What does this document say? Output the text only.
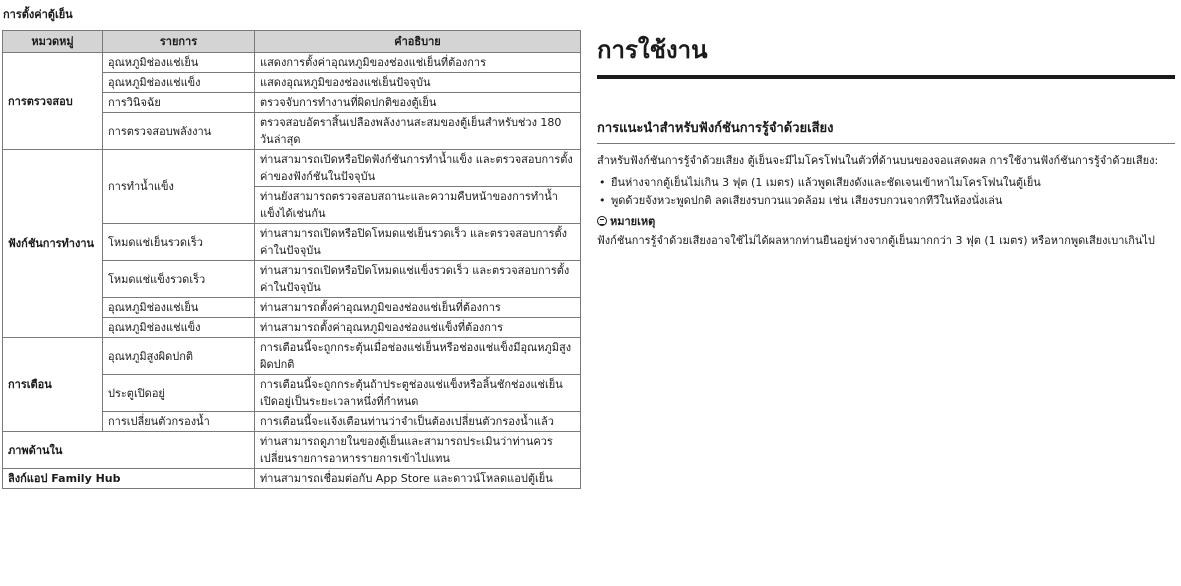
การตั้งค่าตู้เย็น
หมวดหมู่	รายการ	คำอธิบาย
การตรวจสอบ	อุณหภูมิช่องแช่เย็น	แสดงการตั้งค่าอุณหภูมิของช่องแช่เย็นที่ต้องการ
	อุณหภูมิช่องแช่แข็ง	แสดงอุณหภูมิของช่องแช่เย็นปัจจุบัน
	การวินิจฉัย	ตรวจจับการทำงานที่ผิดปกติของตู้เย็น
	การตรวจสอบพลังงาน	ตรวจสอบอัตราสิ้นเปลืองพลังงานสะสมของตู้เย็นสำหรับช่วง 180 วันล่าสุด
ฟังก์ชันการทำงาน	การทำน้ำแข็ง	ท่านสามารถเปิดหรือปิดฟังก์ชันการทำน้ำแข็ง และตรวจสอบการตั้งค่าของฟังก์ชันในปัจจุบัน
		ท่านยังสามารถตรวจสอบสถานะและความคืบหน้าของการทำน้ำแข็งได้เช่นกัน
	โหมดแช่เย็นรวดเร็ว	ท่านสามารถเปิดหรือปิดโหมดแช่เย็นรวดเร็ว และตรวจสอบการตั้งค่าในปัจจุบัน
	โหมดแช่แข็งรวดเร็ว	ท่านสามารถเปิดหรือปิดโหมดแช่แข็งรวดเร็ว และตรวจสอบการตั้งค่าในปัจจุบัน
	อุณหภูมิช่องแช่เย็น	ท่านสามารถตั้งค่าอุณหภูมิของช่องแช่เย็นที่ต้องการ
	อุณหภูมิช่องแช่แข็ง	ท่านสามารถตั้งค่าอุณหภูมิของช่องแช่แข็งที่ต้องการ
การเตือน	อุณหภูมิสูงผิดปกติ	การเตือนนี้จะถูกกระตุ้นเมื่อช่องแช่เย็นหรือช่องแช่แข็งมีอุณหภูมิสูงผิดปกติ
	ประตูเปิดอยู่	การเตือนนี้จะถูกกระตุ้นถ้าประตูช่องแช่แข็งหรือลิ้นชักช่องแช่เย็นเปิดอยู่เป็นระยะเวลาหนึ่งที่กำหนด
	การเปลี่ยนตัวกรองน้ำ	การเตือนนี้จะแจ้งเตือนท่านว่าจำเป็นต้องเปลี่ยนตัวกรองน้ำแล้ว
ภาพด้านใน		ท่านสามารถดูภายในของตู้เย็นและสามารถประเมินว่าท่านควรเปลี่ยนรายการอาหารรายการเข้าไปแทน
ลิงก์แอป Family Hub		ท่านสามารถเชื่อมต่อกับ App Store และดาวน์โหลดแอปตู้เย็น
การใช้งาน
การแนะนำสำหรับฟังก์ชันการรู้จำด้วยเสียง
สำหรับฟังก์ชันการรู้จำด้วยเสียง ตู้เย็นจะมีไมโครโฟนในตัวที่ด้านบนของจอแสดงผล การใช้งานฟังก์ชันการรู้จำด้วยเสียง:
• ยืนห่างจากตู้เย็นไม่เกิน 3 ฟุต (1 เมตร) แล้วพูดเสียงดังและชัดเจนเข้าหาไมโครโฟนในตู้เย็น
• พูดด้วยจังหวะพูดปกติ ลดเสียงรบกวนแวดล้อม เช่น เสียงรบกวนจากทีวีในห้องนั่งเล่น
หมายเหตุ
ฟังก์ชันการรู้จำด้วยเสียงอาจใช้ไม่ได้ผลหากท่านยืนอยู่ห่างจากตู้เย็นมากกว่า 3 ฟุต (1 เมตร) หรือหากพูดเสียงเบาเกินไป
